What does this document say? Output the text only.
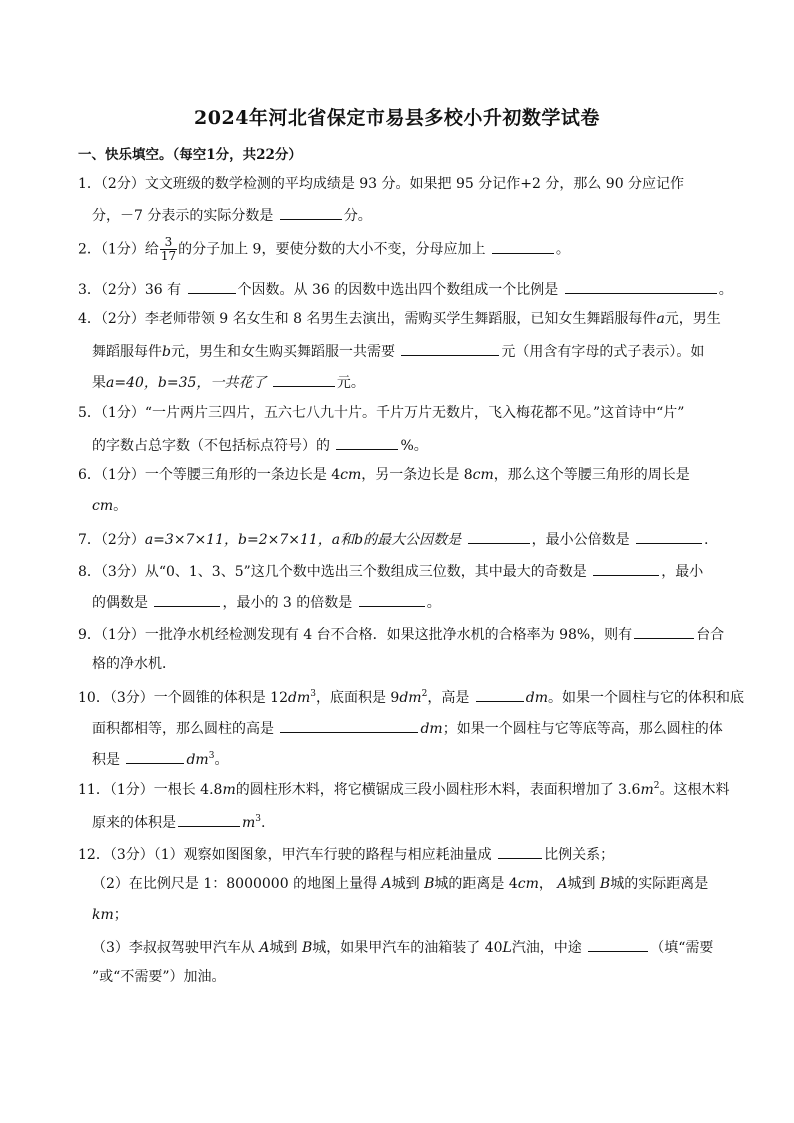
2024年河北省保定市易县多校小升初数学试卷
一、快乐填空。（每空1分，共22分）
1．（2分）文文班级的数学检测的平均成绩是 93 分。如果把 95 分记作+2 分，那么 90 分应记作
分，－7 分表示的实际分数是	分。
2．（1分）给 $\frac{3}{17}$ 的分子加上 9，要使分数的大小不变，分母应加上	。
3．（2分）36 有	个因数。从 36 的因数中选出四个数组成一个比例是	。
4．（2分）李老师带领 9 名女生和 8 名男生去演出，需购买学生舞蹈服，已知女生舞蹈服每件a元，男生
舞蹈服每件b元，男生和女生购买舞蹈服一共需要	元（用含有字母的式子表示）。如
果a=40，b=35，一共花了	元。
5．（1分）“一片两片三四片，五六七八九十片。千片万片无数片，飞入梅花都不见。”这首诗中“片”
的字数占总字数（不包括标点符号）的	%。
6．（1分）一个等腰三角形的一条边长是 4cm，另一条边长是 8cm，那么这个等腰三角形的周长是
cm。
7．（2分）a=3×7×11，b=2×7×11，a和b的最大公因数是	，最小公倍数是	.
8．（3分）从“0、1、3、5”这几个数中选出三个数组成三位数，其中最大的奇数是	，最小
的偶数是	，最小的 3 的倍数是	。
9．（1分）一批净水机经检测发现有 4 台不合格．如果这批净水机的合格率为 98%，则有	台合
格的净水机．
10．（3分）一个圆锥的体积是 $12dm^3$，底面积是 $9dm^2$，高是	dm。如果一个圆柱与它的体积和底
面积都相等，那么圆柱的高是	dm；如果一个圆柱与它等底等高，那么圆柱的体
积是	$dm^3$。
11．（1分）一根长 4.8m的圆柱形木料，将它横锯成三段小圆柱形木料，表面积增加了 $3.6m^2$。这根木料
原来的体积是	$m^3$.
12．（3分）（1）观察如图图象，甲汽车行驶的路程与相应耗油量成	比例关系；
（2）在比例尺是 1：8000000 的地图上量得 A城到 B城的距离是 4cm， A城到 B城的实际距离是
km；
（3）李叔叔驾驶甲汽车从 A城到 B城，如果甲汽车的油箱装了 40L汽油，中途	（填“需要
”或“不需要”）加油。
